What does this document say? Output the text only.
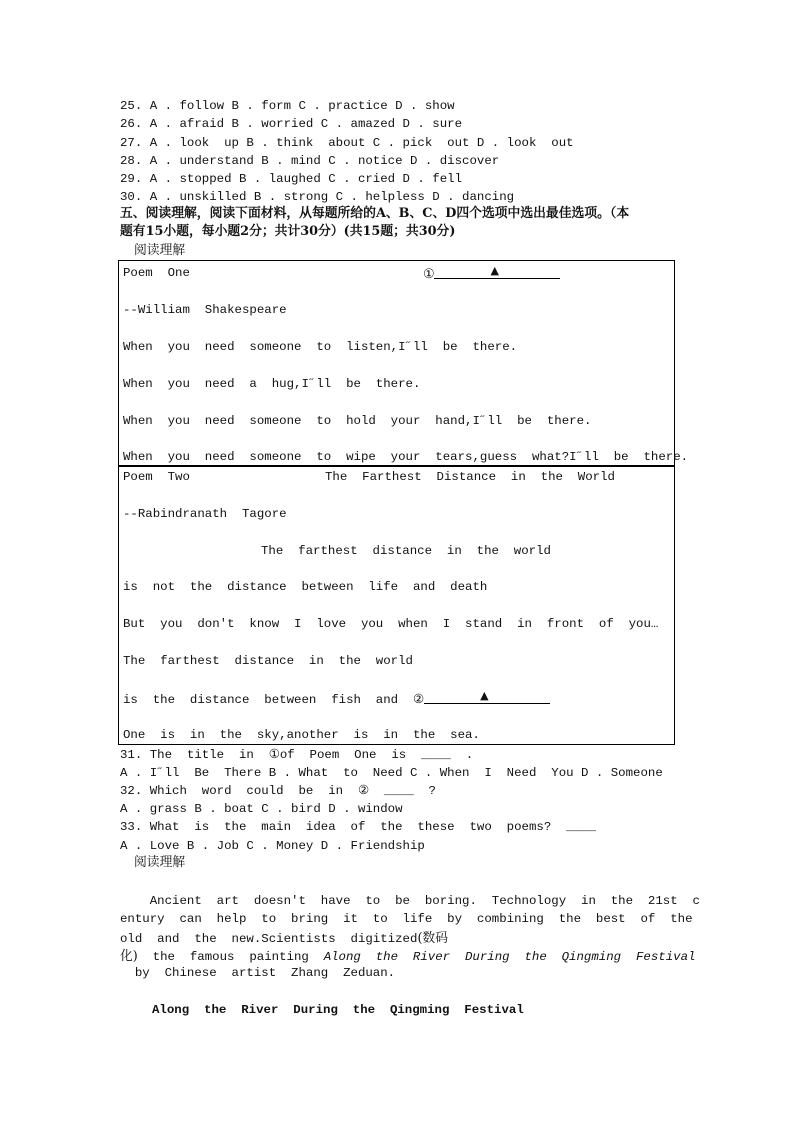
25. A . follow B . form C . practice D . show
26. A . afraid B . worried C . amazed D . sure
27. A . look  up B . think  about C . pick  out D . look  out
28. A . understand B . mind C . notice D . discover
29. A . stopped B . laughed C . cried D . fell
30. A . unskilled B . strong C . helpless D . dancing
五、阅读理解，阅读下面材料，从每题所给的A、B、C、D四个选项中选出最佳选项。（本
题有15小题，每小题2分；共计30分）(共15题；共30分)
阅读理解
Poem  One	①	▲
--William  Shakespeare
When  you  need  someone  to  listen,I˝ll  be  there.
When  you  need  a  hug,I˝ll  be  there.
When  you  need  someone  to  hold  your  hand,I˝ll  be  there.
When  you  need  someone  to  wipe  your  tears,guess  what?I˝ll  be  there.
Poem  Two	The  Farthest  Distance  in  the  World
--Rabindranath  Tagore
The  farthest  distance  in  the  world
is  not  the  distance  between  life  and  death
But  you  don't  know  I  love  you  when  I  stand  in  front  of  you…
The  farthest  distance  in  the  world
is  the  distance  between  fish  and  ②	▲
One  is  in  the  sky,another  is  in  the  sea.
31. The  title  in  ①of  Poem  One  is  ____  .
A . I˝ll  Be  There B . What  to  Need C . When  I  Need  You D . Someone
32. Which  word  could  be  in  ②  ____  ?
A . grass B . boat C . bird D . window
33. What  is  the  main  idea  of  the  these  two  poems?  ____
A . Love B . Job C . Money D . Friendship
阅读理解
Ancient  art  doesn't  have  to  be  boring.  Technology  in  the  21st  c
entury  can  help  to  bring  it  to  life  by  combining  the  best  of  the
old  and  the  new.Scientists  digitized(数码
化)  the  famous  painting  Along  the  River  During  the  Qingming  Festival
by  Chinese  artist  Zhang  Zeduan.
Along  the  River  During  the  Qingming  Festival
